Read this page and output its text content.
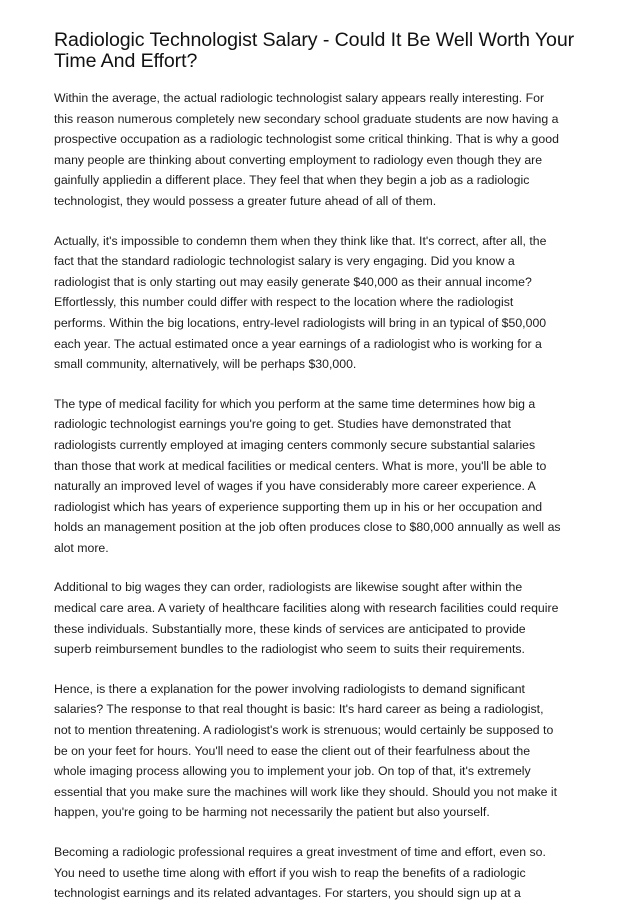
Radiologic Technologist Salary - Could It Be Well Worth Your
Time And Effort?

Within the average, the actual radiologic technologist salary appears really interesting. For
this reason numerous completely new secondary school graduate students are now having a
prospective occupation as a radiologic technologist some critical thinking. That is why a good
many people are thinking about converting employment to radiology even though they are
gainfully appliedin a different place. They feel that when they begin a job as a radiologic
technologist, they would possess a greater future ahead of all of them.

Actually, it's impossible to condemn them when they think like that. It's correct, after all, the
fact that the standard radiologic technologist salary is very engaging. Did you know a
radiologist that is only starting out may easily generate $40,000 as their annual income?
Effortlessly, this number could differ with respect to the location where the radiologist
performs. Within the big locations, entry-level radiologists will bring in an typical of $50,000
each year. The actual estimated once a year earnings of a radiologist who is working for a
small community, alternatively, will be perhaps $30,000.

The type of medical facility for which you perform at the same time determines how big a
radiologic technologist earnings you're going to get. Studies have demonstrated that
radiologists currently employed at imaging centers commonly secure substantial salaries
than those that work at medical facilities or medical centers. What is more, you'll be able to
naturally an improved level of wages if you have considerably more career experience. A
radiologist which has years of experience supporting them up in his or her occupation and
holds an management position at the job often produces close to $80,000 annually as well as
alot more.

Additional to big wages they can order, radiologists are likewise sought after within the
medical care area. A variety of healthcare facilities along with research facilities could require
these individuals. Substantially more, these kinds of services are anticipated to provide
superb reimbursement bundles to the radiologist who seem to suits their requirements.

Hence, is there a explanation for the power involving radiologists to demand significant
salaries? The response to that real thought is basic: It's hard career as being a radiologist,
not to mention threatening. A radiologist's work is strenuous; would certainly be supposed to
be on your feet for hours. You'll need to ease the client out of their fearfulness about the
whole imaging process allowing you to implement your job. On top of that, it's extremely
essential that you make sure the machines will work like they should. Should you not make it
happen, you're going to be harming not necessarily the patient but also yourself.

Becoming a radiologic professional requires a great investment of time and effort, even so.
You need to usethe time along with effort if you wish to reap the benefits of a radiologic
technologist earnings and its related advantages. For starters, you should sign up at a
